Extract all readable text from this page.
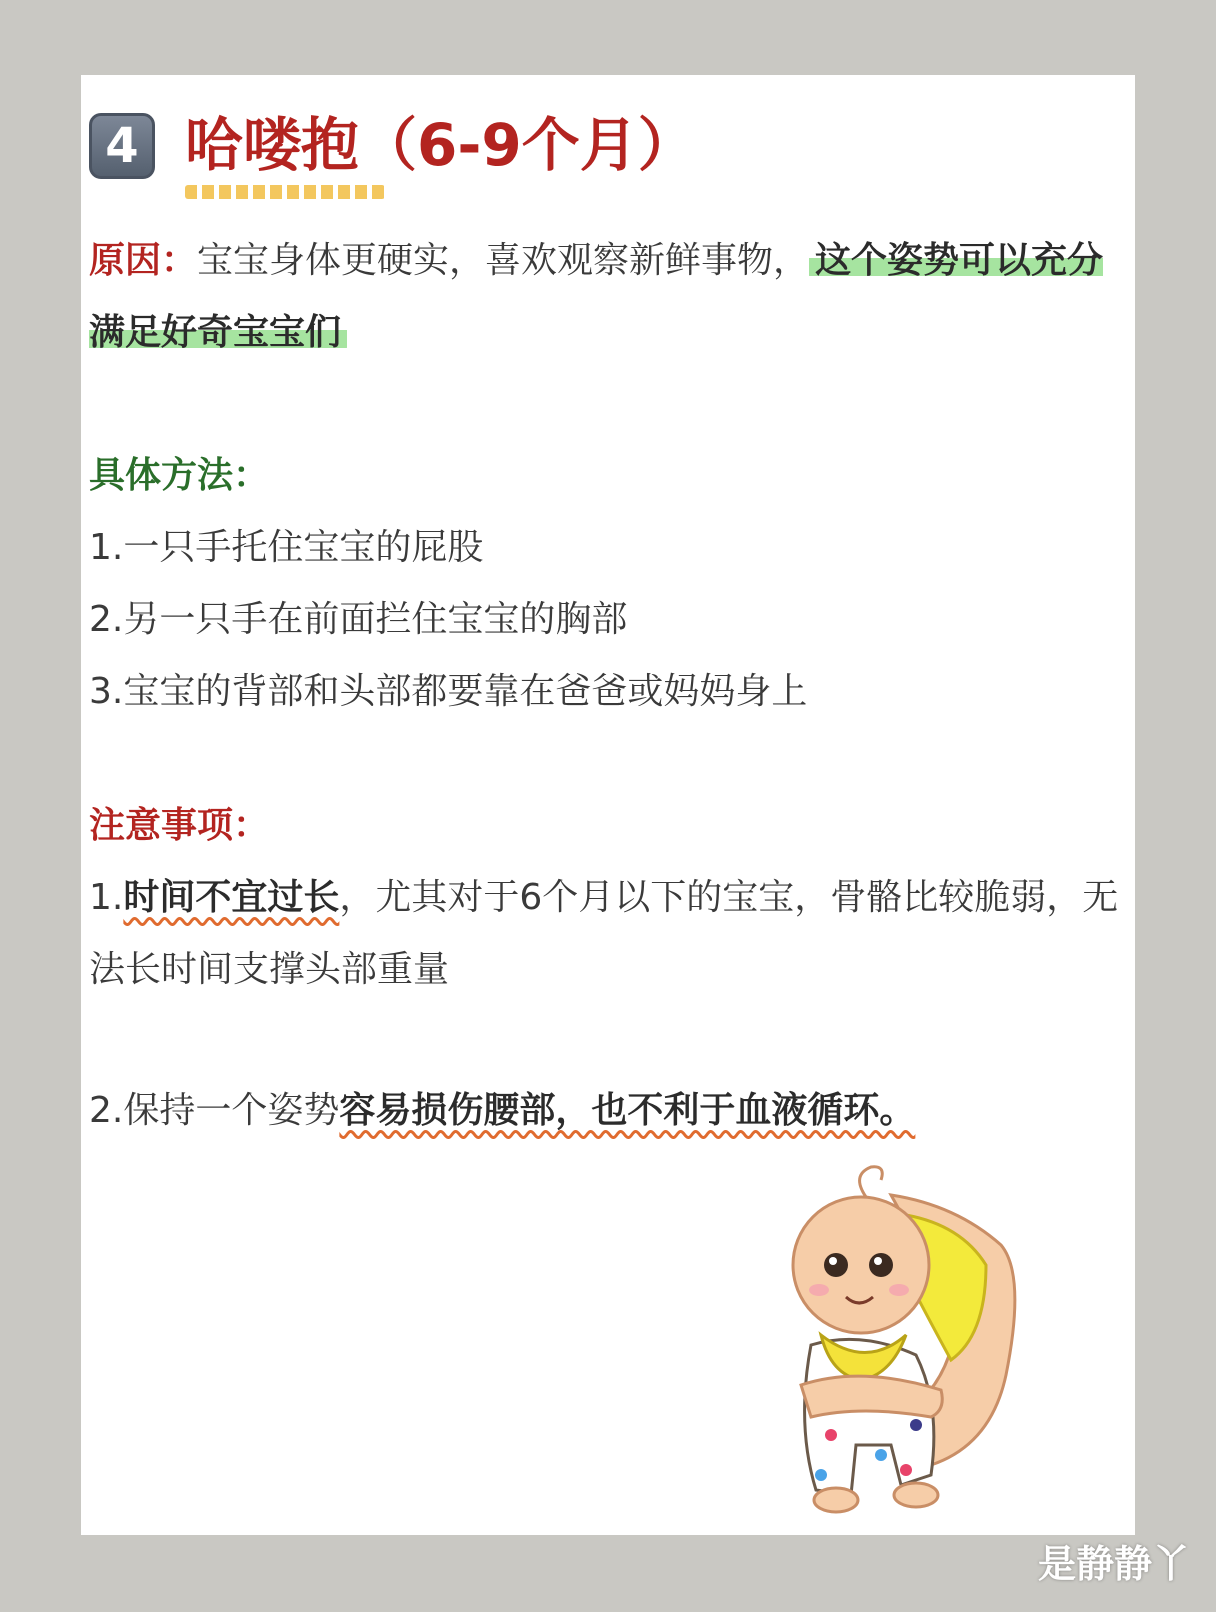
4 哈喽抱（6-9个月）
原因：宝宝身体更硬实，喜欢观察新鲜事物， 这个姿势可以充分满足好奇宝宝们
具体方法：
1.一只手托住宝宝的屁股
2.另一只手在前面拦住宝宝的胸部
3.宝宝的背部和头部都要靠在爸爸或妈妈身上
注意事项：
1.时间不宜过长，尤其对于6个月以下的宝宝，骨骼比较脆弱，无法长时间支撑头部重量
2.保持一个姿势容易损伤腰部，也不利于血液循环。
是静静丫
